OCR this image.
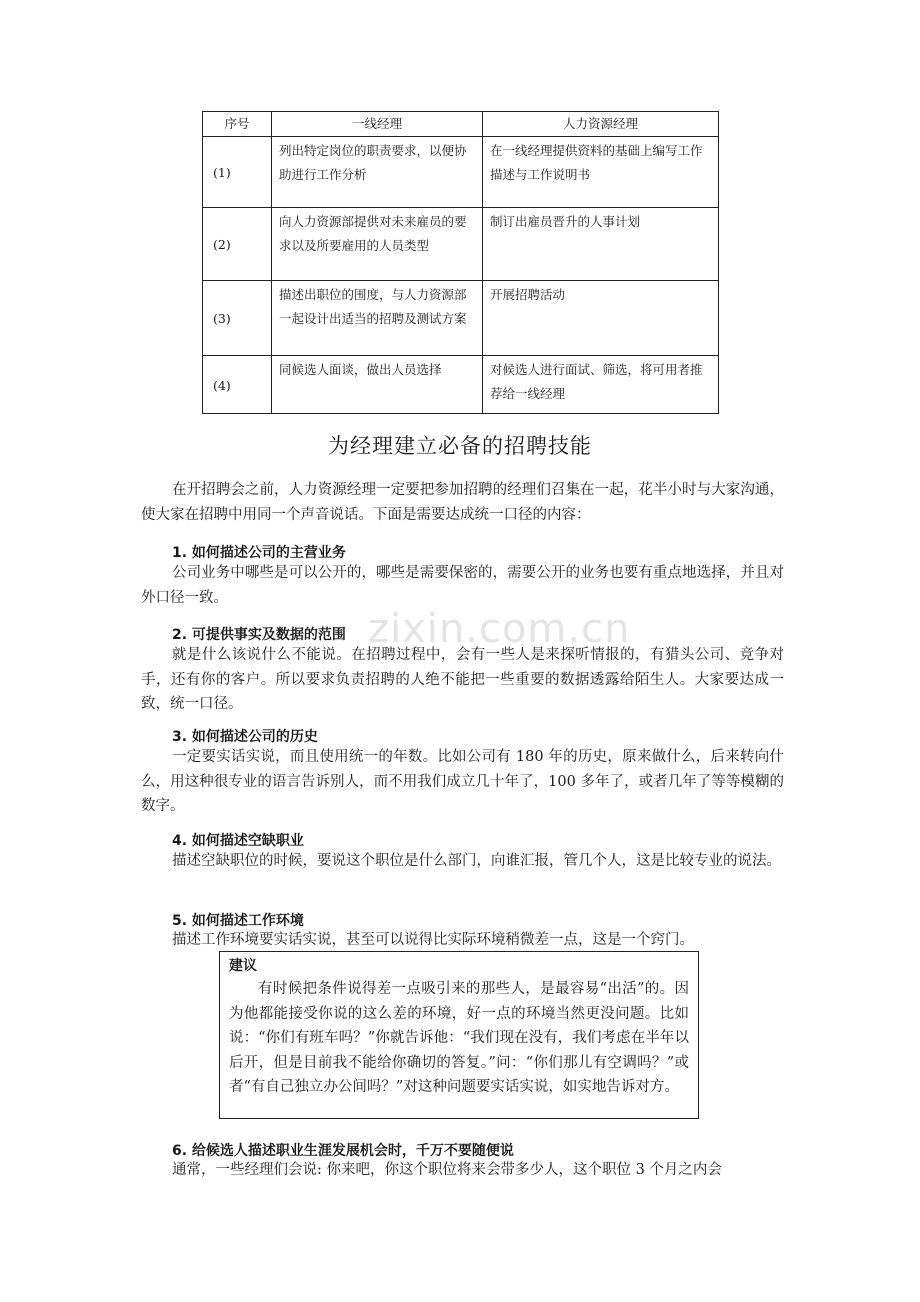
zixin.com.cn
序号	一线经理	人力资源经理
(1)	列出特定岗位的职责要求，以便协助进行工作分析	在一线经理提供资料的基础上编写工作描述与工作说明书
(2)	向人力资源部提供对未来雇员的要求以及所要雇用的人员类型	制订出雇员晋升的人事计划
(3)	描述出职位的围度，与人力资源部一起设计出适当的招聘及测试方案	开展招聘活动
(4)	同候选人面谈，做出人员选择	对候选人进行面试、筛选，将可用者推荐给一线经理
为经理建立必备的招聘技能

在开招聘会之前，人力资源经理一定要把参加招聘的经理们召集在一起，花半小时与大家沟通，使大家在招聘中用同一个声音说话。下面是需要达成统一口径的内容：

1. 如何描述公司的主营业务

公司业务中哪些是可以公开的，哪些是需要保密的，需要公开的业务也要有重点地选择，并且对外口径一致。

2. 可提供事实及数据的范围

就是什么该说什么不能说。在招聘过程中，会有一些人是来探听情报的，有猎头公司、竞争对手，还有你的客户。所以要求负责招聘的人绝不能把一些重要的数据透露给陌生人。大家要达成一致，统一口径。

3. 如何描述公司的历史

一定要实话实说，而且使用统一的年数。比如公司有 180 年的历史，原来做什么，后来转向什么，用这种很专业的语言告诉别人，而不用我们成立几十年了，100 多年了，或者几年了等等模糊的数字。

4. 如何描述空缺职业

描述空缺职位的时候，要说这个职位是什么部门，向谁汇报，管几个人，这是比较专业的说法。

5. 如何描述工作环境

描述工作环境要实话实说，甚至可以说得比实际环境稍微差一点，这是一个窍门。

建议

有时候把条件说得差一点吸引来的那些人，是最容易“出活”的。因为他都能接受你说的这么差的环境，好一点的环境当然更没问题。比如说：“你们有班车吗？”你就告诉他：“我们现在没有，我们考虑在半年以后开，但是目前我不能给你确切的答复。”问：“你们那儿有空调吗？”或者“有自己独立办公间吗？”对这种问题要实话实说，如实地告诉对方。

6. 给候选人描述职业生涯发展机会时，千万不要随便说

通常，一些经理们会说: 你来吧，你这个职位将来会带多少人，这个职位 3 个月之内会
